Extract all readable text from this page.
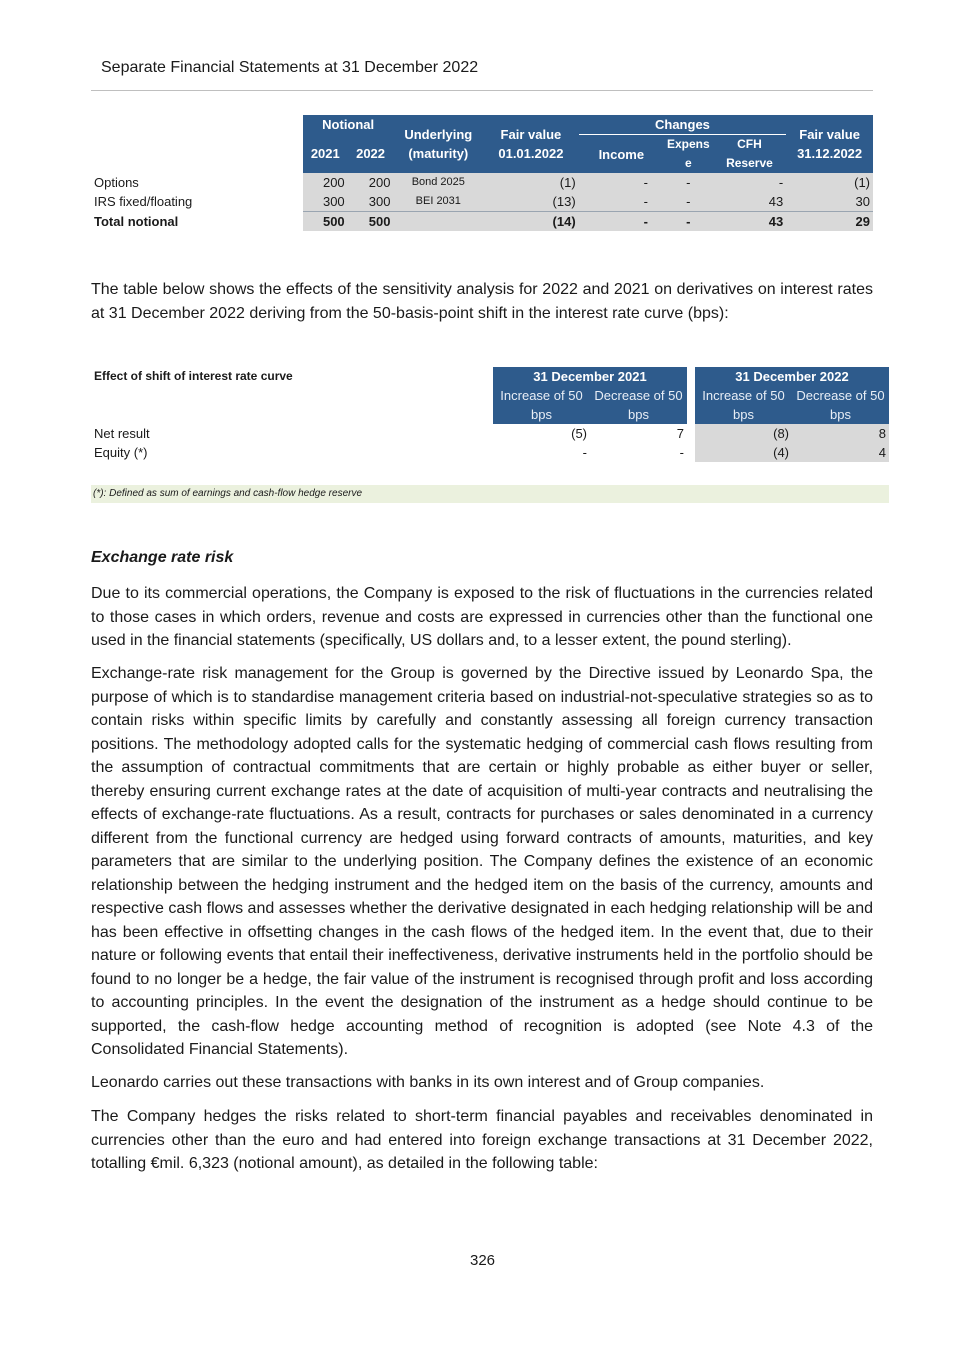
Separate Financial Statements at 31 December 2022
	Notional		Underlying (maturity)	Fair value 01.01.2022	Changes			Fair value 31.12.2022
	2021	2022			Income	Expens e	CFH Reserve	

Options	200	200	Bond 2025	(1)	-	-	-	(1)
IRS fixed/floating	300	300	BEI 2031	(13)	-	-	43	30
Total notional	500	500		(14)	-	-	43	29

The table below shows the effects of the sensitivity analysis for 2022 and 2021 on derivatives on interest rates at 31 December 2022 deriving from the 50-basis-point shift in the interest rate curve (bps):

Effect of shift of interest rate curve	31 December 2021			31 December 2022	
	Increase of 50 bps	Decrease of 50 bps		Increase of 50 bps	Decrease of 50 bps
Net result	(5)	7		(8)	8
Equity (*)	-	-		(4)	4
(*): Defined as sum of earnings and cash-flow hedge reserve
Exchange rate risk

Due to its commercial operations, the Company is exposed to the risk of fluctuations in the currencies related to those cases in which orders, revenue and costs are expressed in currencies other than the functional one used in the financial statements (specifically, US dollars and, to a lesser extent, the pound sterling).

Exchange-rate risk management for the Group is governed by the Directive issued by Leonardo Spa, the purpose of which is to standardise management criteria based on industrial-not-speculative strategies so as to contain risks within specific limits by carefully and constantly assessing all foreign currency transaction positions. The methodology adopted calls for the systematic hedging of commercial cash flows resulting from the assumption of contractual commitments that are certain or highly probable as either buyer or seller, thereby ensuring current exchange rates at the date of acquisition of multi-year contracts and neutralising the effects of exchange-rate fluctuations. As a result, contracts for purchases or sales denominated in a currency different from the functional currency are hedged using forward contracts of amounts, maturities, and key parameters that are similar to the underlying position. The Company defines the existence of an economic relationship between the hedging instrument and the hedged item on the basis of the currency, amounts and respective cash flows and assesses whether the derivative designated in each hedging relationship will be and has been effective in offsetting changes in the cash flows of the hedged item. In the event that, due to their nature or following events that entail their ineffectiveness, derivative instruments held in the portfolio should be found to no longer be a hedge, the fair value of the instrument is recognised through profit and loss according to accounting principles. In the event the designation of the instrument as a hedge should continue to be supported, the cash-flow hedge accounting method of recognition is adopted (see Note 4.3 of the Consolidated Financial Statements).

Leonardo carries out these transactions with banks in its own interest and of Group companies.

The Company hedges the risks related to short-term financial payables and receivables denominated in currencies other than the euro and had entered into foreign exchange transactions at 31 December 2022, totalling €mil. 6,323 (notional amount), as detailed in the following table:

326
